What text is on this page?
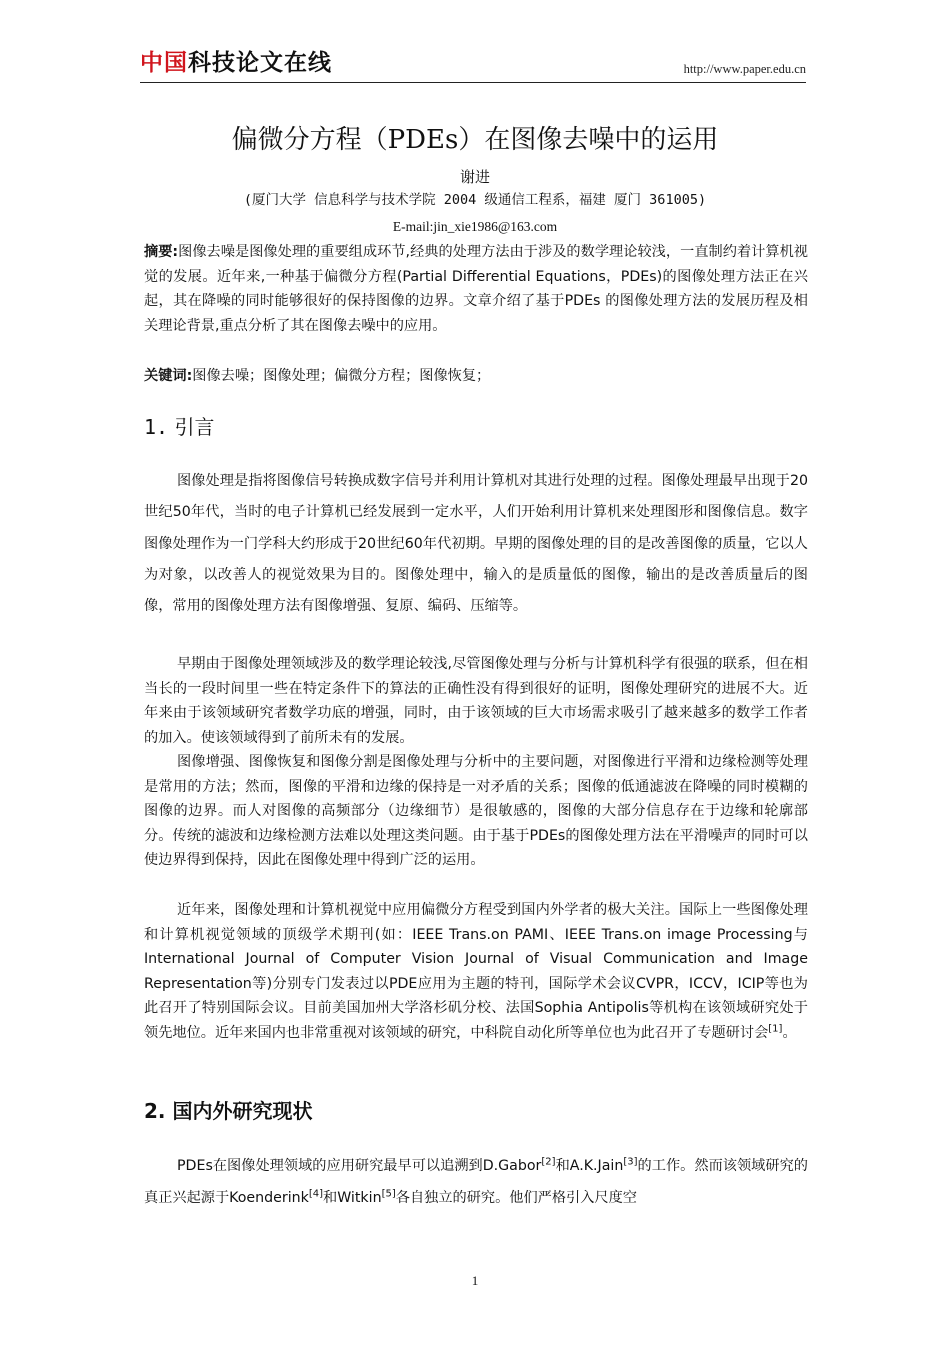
中国科技论文在线	http://www.paper.edu.cn
偏微分方程（PDEs）在图像去噪中的运用
谢进
(厦门大学 信息科学与技术学院 2004 级通信工程系，福建 厦门 361005)
E-mail:jin_xie1986@163.com
摘要:图像去噪是图像处理的重要组成环节,经典的处理方法由于涉及的数学理论较浅，一直制约着计算机视觉的发展。近年来,一种基于偏微分方程(Partial Differential Equations，PDEs)的图像处理方法正在兴起，其在降噪的同时能够很好的保持图像的边界。文章介绍了基于PDEs 的图像处理方法的发展历程及相关理论背景,重点分析了其在图像去噪中的应用。
关键词:图像去噪；图像处理；偏微分方程；图像恢复；
1. 引言

图像处理是指将图像信号转换成数字信号并利用计算机对其进行处理的过程。图像处理最早出现于20世纪50年代，当时的电子计算机已经发展到一定水平，人们开始利用计算机来处理图形和图像信息。数字图像处理作为一门学科大约形成于20世纪60年代初期。早期的图像处理的目的是改善图像的质量，它以人为对象，以改善人的视觉效果为目的。图像处理中，输入的是质量低的图像，输出的是改善质量后的图像，常用的图像处理方法有图像增强、复原、编码、压缩等。

早期由于图像处理领域涉及的数学理论较浅,尽管图像处理与分析与计算机科学有很强的联系，但在相当长的一段时间里一些在特定条件下的算法的正确性没有得到很好的证明，图像处理研究的进展不大。近年来由于该领域研究者数学功底的增强，同时，由于该领域的巨大市场需求吸引了越来越多的数学工作者的加入。使该领域得到了前所未有的发展。

图像增强、图像恢复和图像分割是图像处理与分析中的主要问题，对图像进行平滑和边缘检测等处理是常用的方法；然而，图像的平滑和边缘的保持是一对矛盾的关系；图像的低通滤波在降噪的同时模糊的图像的边界。而人对图像的高频部分（边缘细节）是很敏感的，图像的大部分信息存在于边缘和轮廓部分。传统的滤波和边缘检测方法难以处理这类问题。由于基于PDEs的图像处理方法在平滑噪声的同时可以使边界得到保持，因此在图像处理中得到广泛的运用。

近年来，图像处理和计算机视觉中应用偏微分方程受到国内外学者的极大关注。国际上一些图像处理和计算机视觉领域的顶级学术期刊(如：IEEE Trans.on PAMI、IEEE Trans.on image Processing与International Journal of Computer Vision Journal of Visual Communication and Image Representation等)分别专门发表过以PDE应用为主题的特刊，国际学术会议CVPR，ICCV，ICIP等也为此召开了特别国际会议。目前美国加州大学洛杉矶分校、法国Sophia Antipolis等机构在该领域研究处于领先地位。近年来国内也非常重视对该领域的研究，中科院自动化所等单位也为此召开了专题研讨会[1]。

2. 国内外研究现状

PDEs在图像处理领域的应用研究最早可以追溯到D.Gabor[2]和A.K.Jain[3]的工作。然而该领域研究的真正兴起源于Koenderink[4]和Witkin[5]各自独立的研究。他们严格引入尺度空

1
